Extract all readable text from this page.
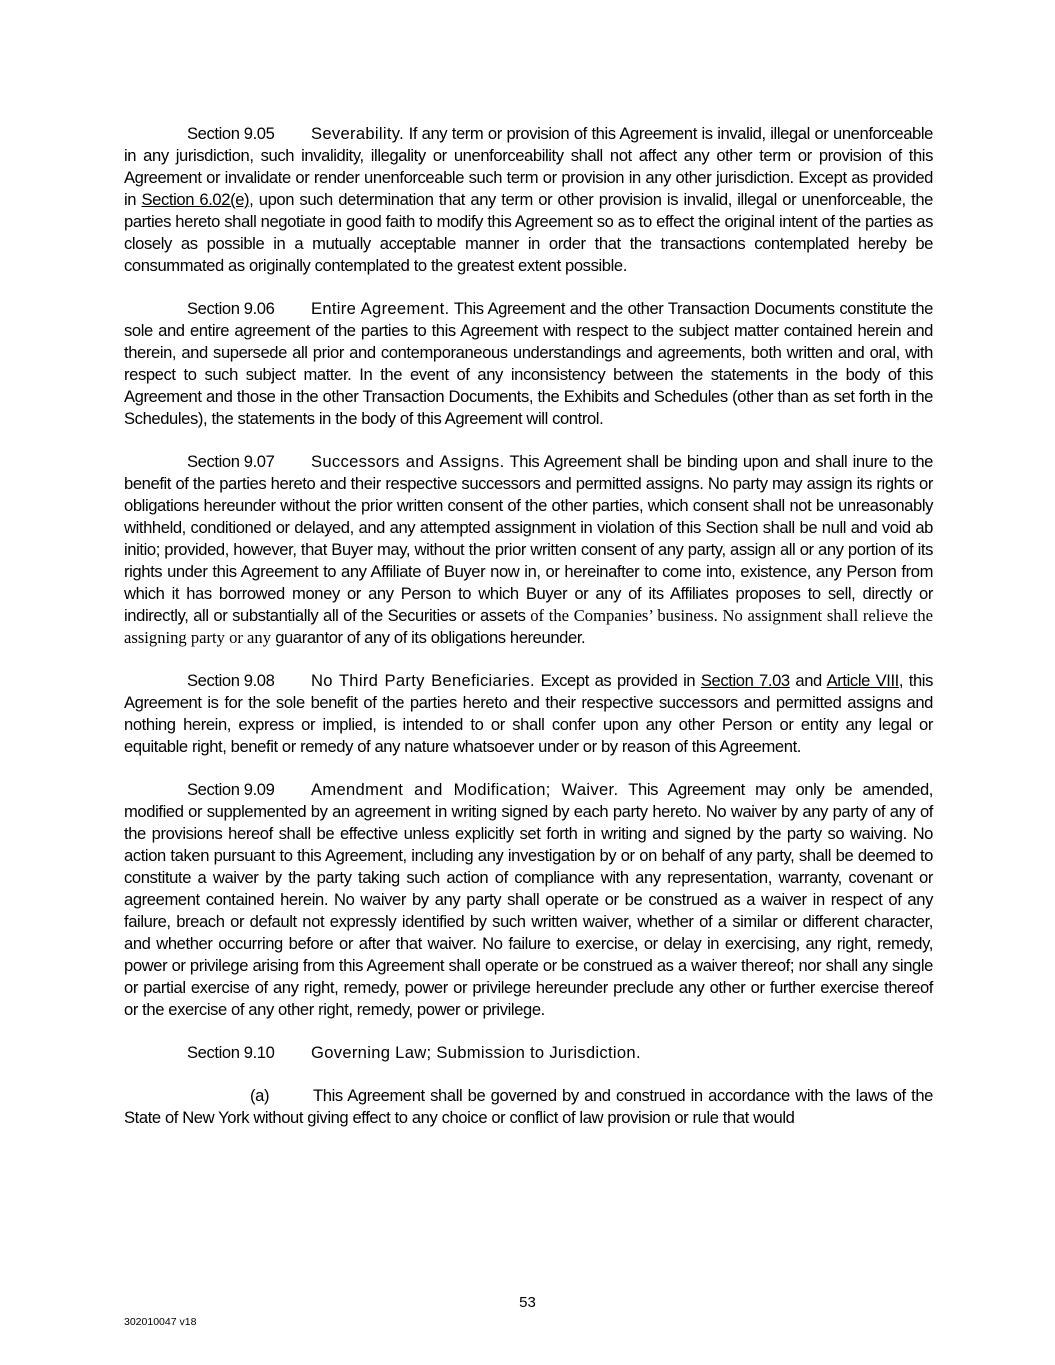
Section 9.05 Severability. If any term or provision of this Agreement is invalid, illegal or unenforceable in any jurisdiction, such invalidity, illegality or unenforceability shall not affect any other term or provision of this Agreement or invalidate or render unenforceable such term or provision in any other jurisdiction. Except as provided in Section 6.02(e), upon such determination that any term or other provision is invalid, illegal or unenforceable, the parties hereto shall negotiate in good faith to modify this Agreement so as to effect the original intent of the parties as closely as possible in a mutually acceptable manner in order that the transactions contemplated hereby be consummated as originally contemplated to the greatest extent possible.

Section 9.06 Entire Agreement. This Agreement and the other Transaction Documents constitute the sole and entire agreement of the parties to this Agreement with respect to the subject matter contained herein and therein, and supersede all prior and contemporaneous understandings and agreements, both written and oral, with respect to such subject matter. In the event of any inconsistency between the statements in the body of this Agreement and those in the other Transaction Documents, the Exhibits and Schedules (other than as set forth in the Schedules), the statements in the body of this Agreement will control.

Section 9.07 Successors and Assigns. This Agreement shall be binding upon and shall inure to the benefit of the parties hereto and their respective successors and permitted assigns. No party may assign its rights or obligations hereunder without the prior written consent of the other parties, which consent shall not be unreasonably withheld, conditioned or delayed, and any attempted assignment in violation of this Section shall be null and void ab initio; provided, however, that Buyer may, without the prior written consent of any party, assign all or any portion of its rights under this Agreement to any Affiliate of Buyer now in, or hereinafter to come into, existence, any Person from which it has borrowed money or any Person to which Buyer or any of its Affiliates proposes to sell, directly or indirectly, all or substantially all of the Securities or assets of the Companies’ business. No assignment shall relieve the assigning party or any guarantor of any of its obligations hereunder.

Section 9.08 No Third Party Beneficiaries. Except as provided in Section 7.03 and Article VIII, this Agreement is for the sole benefit of the parties hereto and their respective successors and permitted assigns and nothing herein, express or implied, is intended to or shall confer upon any other Person or entity any legal or equitable right, benefit or remedy of any nature whatsoever under or by reason of this Agreement.

Section 9.09 Amendment and Modification; Waiver. This Agreement may only be amended, modified or supplemented by an agreement in writing signed by each party hereto. No waiver by any party of any of the provisions hereof shall be effective unless explicitly set forth in writing and signed by the party so waiving. No action taken pursuant to this Agreement, including any investigation by or on behalf of any party, shall be deemed to constitute a waiver by the party taking such action of compliance with any representation, warranty, covenant or agreement contained herein. No waiver by any party shall operate or be construed as a waiver in respect of any failure, breach or default not expressly identified by such written waiver, whether of a similar or different character, and whether occurring before or after that waiver. No failure to exercise, or delay in exercising, any right, remedy, power or privilege arising from this Agreement shall operate or be construed as a waiver thereof; nor shall any single or partial exercise of any right, remedy, power or privilege hereunder preclude any other or further exercise thereof or the exercise of any other right, remedy, power or privilege.

Section 9.10 Governing Law; Submission to Jurisdiction.

(a)	This Agreement shall be governed by and construed in accordance with the laws of the State of New York without giving effect to any choice or conflict of law provision or rule that would

53
302010047 v18
